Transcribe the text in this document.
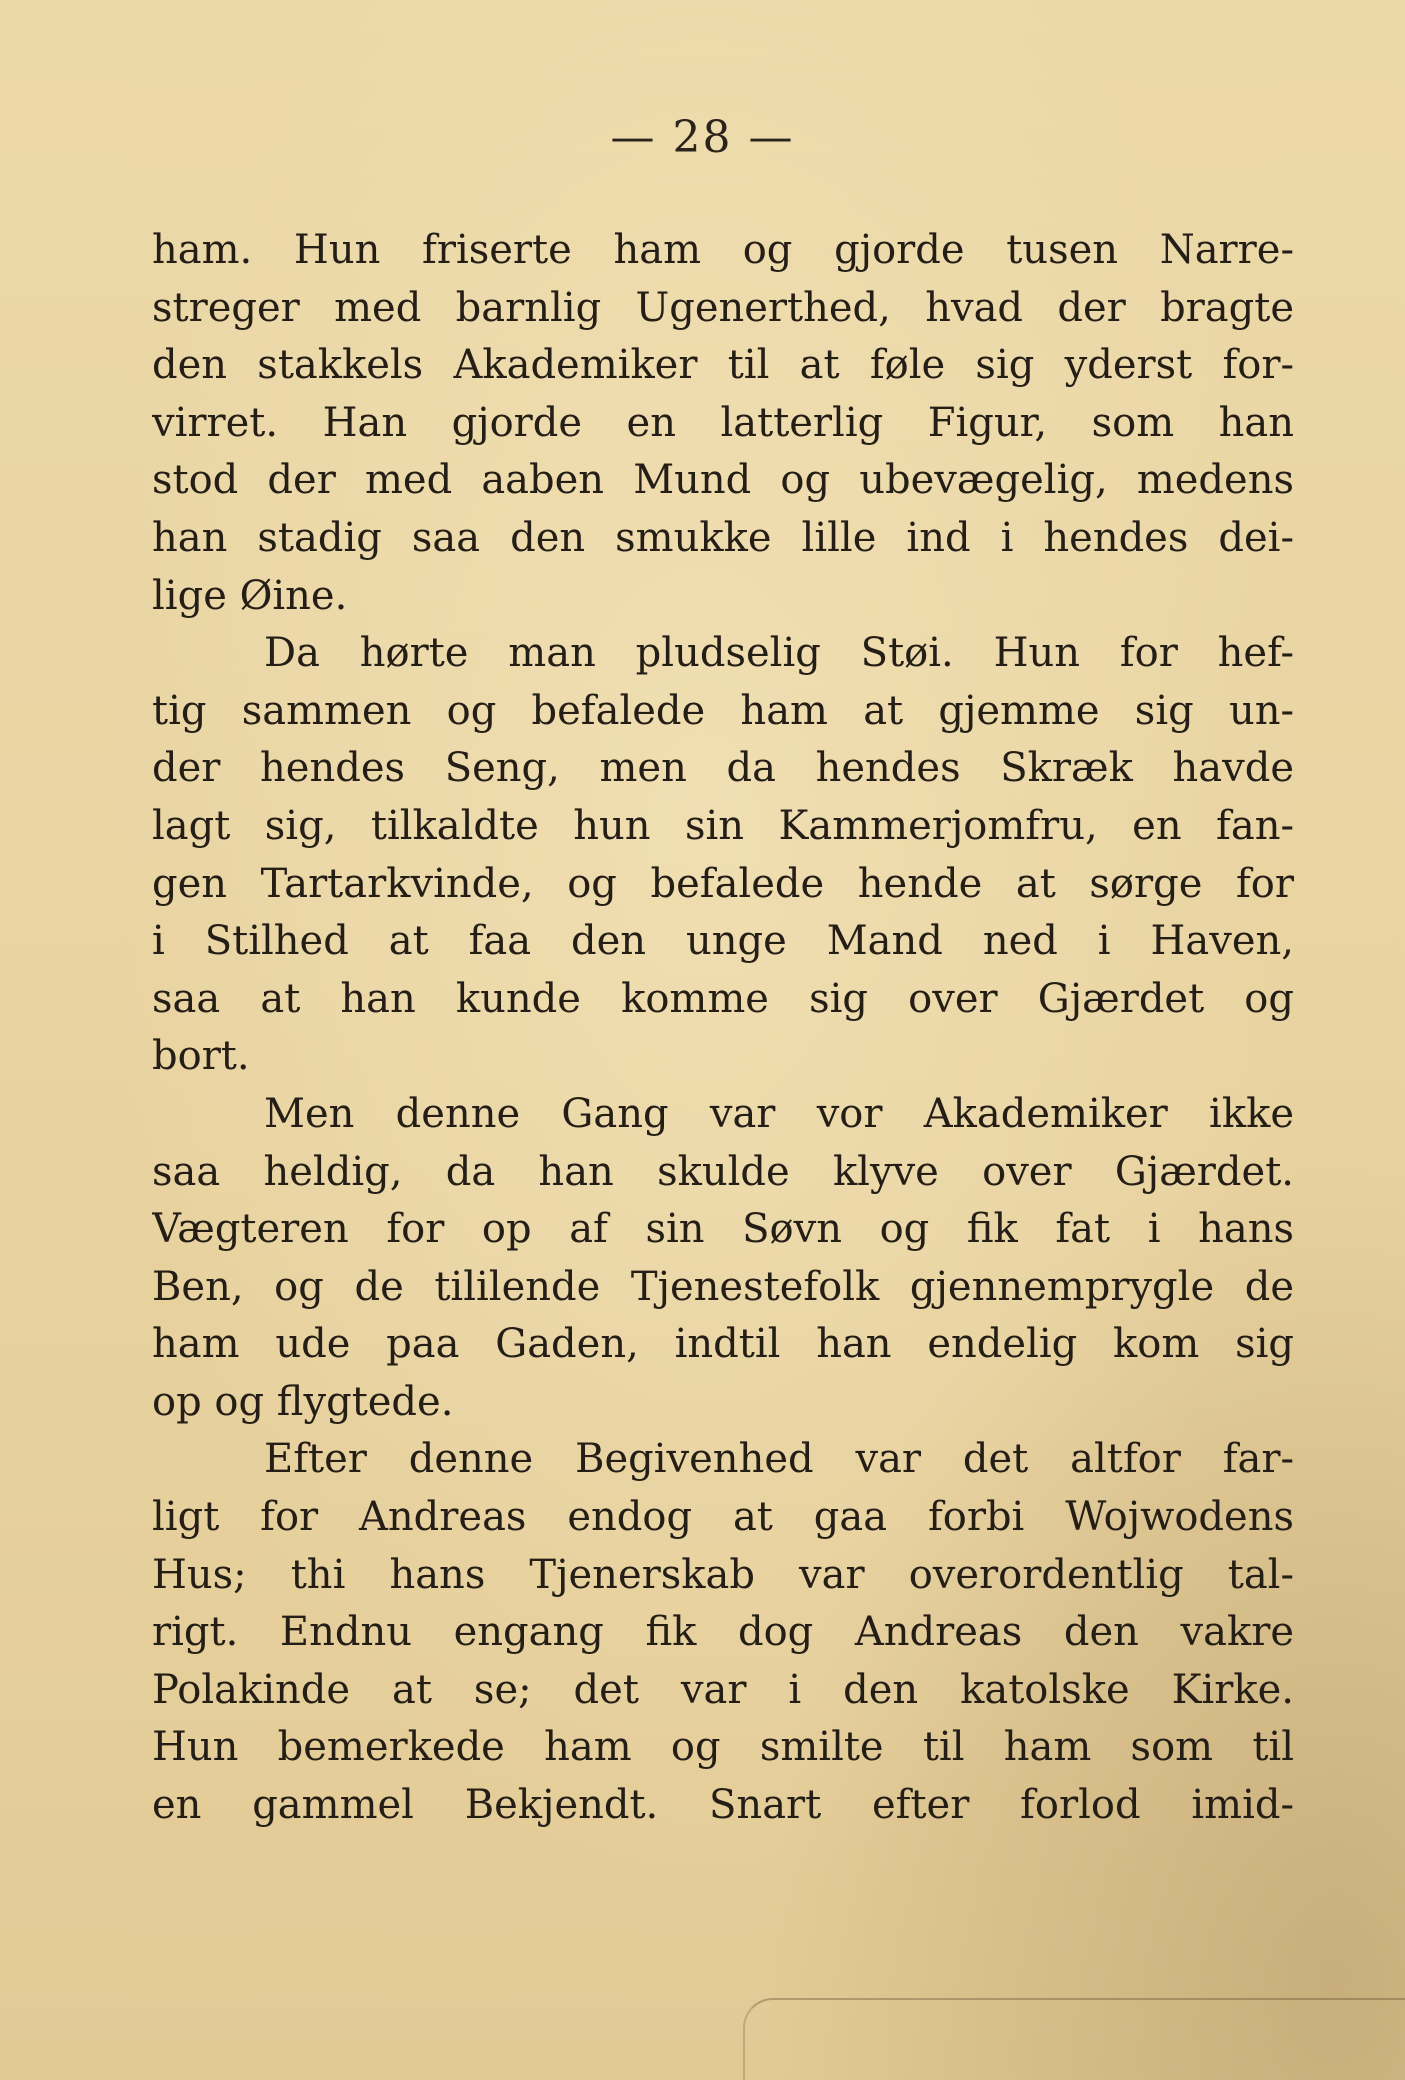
— 28 —
ham. Hun friserte ham og gjorde tusen Narre-
streger med barnlig Ugenerthed, hvad der bragte
den stakkels Akademiker til at føle sig yderst for-
virret. Han gjorde en latterlig Figur, som han
stod der med aaben Mund og ubevægelig, medens
han stadig saa den smukke lille ind i hendes dei-
lige Øine.
Da hørte man pludselig Støi. Hun for hef-
tig sammen og befalede ham at gjemme sig un-
der hendes Seng, men da hendes Skræk havde
lagt sig, tilkaldte hun sin Kammerjomfru, en fan-
gen Tartarkvinde, og befalede hende at sørge for
i Stilhed at faa den unge Mand ned i Haven,
saa at han kunde komme sig over Gjærdet og
bort.
Men denne Gang var vor Akademiker ikke
saa heldig, da han skulde klyve over Gjærdet.
Vægteren for op af sin Søvn og fik fat i hans
Ben, og de tililende Tjenestefolk gjennemprygle de
ham ude paa Gaden, indtil han endelig kom sig
op og flygtede.
Efter denne Begivenhed var det altfor far-
ligt for Andreas endog at gaa forbi Wojwodens
Hus; thi hans Tjenerskab var overordentlig tal-
rigt. Endnu engang fik dog Andreas den vakre
Polakinde at se; det var i den katolske Kirke.
Hun bemerkede ham og smilte til ham som til
en gammel Bekjendt. Snart efter forlod imid-
